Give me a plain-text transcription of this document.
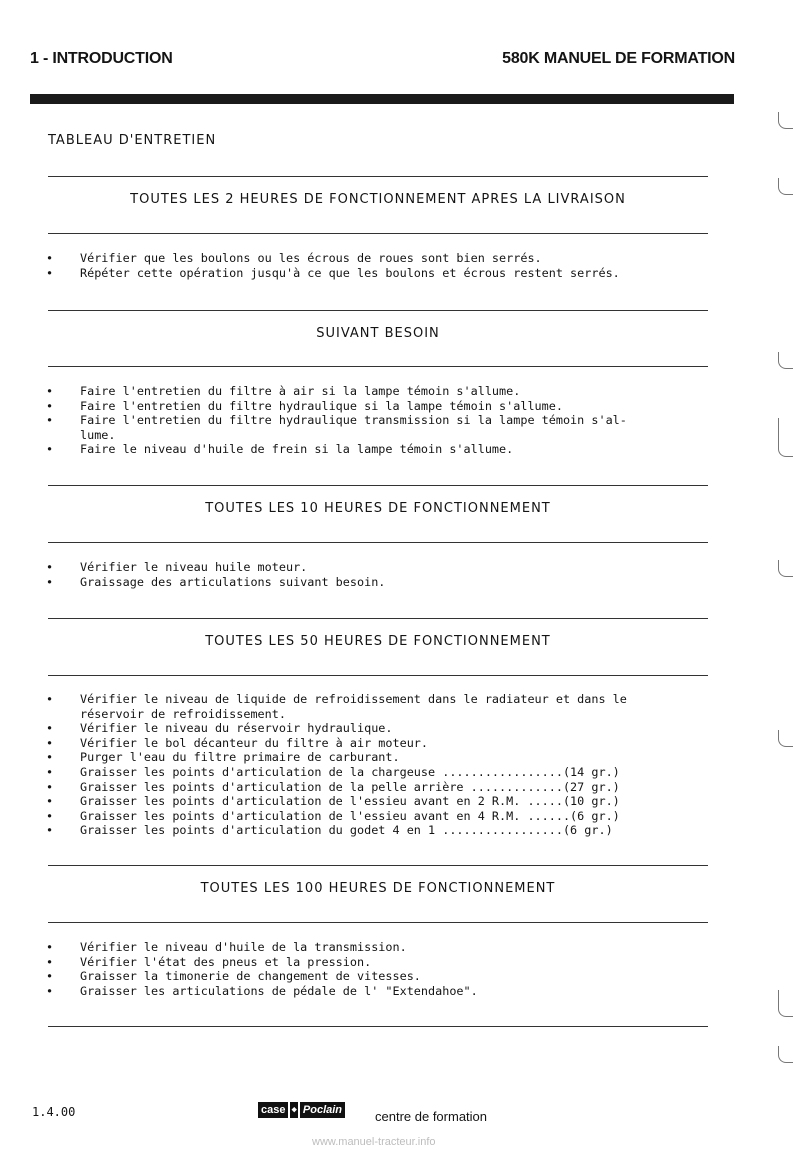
1 - INTRODUCTION	580K MANUEL DE FORMATION
TABLEAU D'ENTRETIEN
TOUTES LES 2 HEURES DE FONCTIONNEMENT APRES LA LIVRAISON
• Vérifier que les boulons ou les écrous de roues sont bien serrés.
• Répéter cette opération jusqu'à ce que les boulons et écrous restent serrés.
SUIVANT BESOIN
• Faire l'entretien du filtre à air si la lampe témoin s'allume.
• Faire l'entretien du filtre hydraulique si la lampe témoin s'allume.
• Faire l'entretien du filtre hydraulique transmission si la lampe témoin s'al-
lume.
• Faire le niveau d'huile de frein si la lampe témoin s'allume.
TOUTES LES 10 HEURES DE FONCTIONNEMENT
• Vérifier le niveau huile moteur.
• Graissage des articulations suivant besoin.
TOUTES LES 50 HEURES DE FONCTIONNEMENT
• Vérifier le niveau de liquide de refroidissement dans le radiateur et dans le
réservoir de refroidissement.
• Vérifier le niveau du réservoir hydraulique.
• Vérifier le bol décanteur du filtre à air moteur.
• Purger l'eau du filtre primaire de carburant.
• Graisser les points d'articulation de la chargeuse .................(14 gr.)
• Graisser les points d'articulation de la pelle arrière .............(27 gr.)
• Graisser les points d'articulation de l'essieu avant en 2 R.M. .....(10 gr.)
• Graisser les points d'articulation de l'essieu avant en 4 R.M. ......(6 gr.)
• Graisser les points d'articulation du godet 4 en 1 .................(6 gr.)
TOUTES LES 100 HEURES DE FONCTIONNEMENT
• Vérifier le niveau d'huile de la transmission.
• Vérifier l'état des pneus et la pression.
• Graisser la timonerie de changement de vitesses.
• Graisser les articulations de pédale de l' "Extendahoe".
1.4.00	case ◆ Poclain	centre de formation
www.manuel-tracteur.info
